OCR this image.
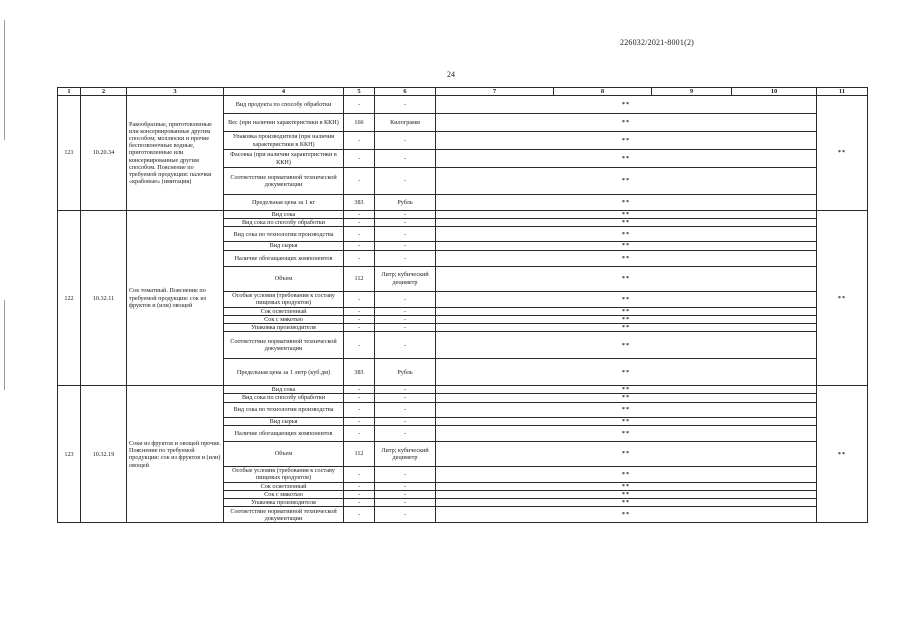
226032/2021-8001(2)
24
1	2	3	4	5	6	7	8	9	10	11
121	10.20.34	Ракообразные, приготовленные или консервированные другим способом; моллюски и прочие беспозвоночные водные, приготовленные или консервированные другим способом. Пояснение по требуемой продукции: палочки «крабовые» (имитация)	Вид продукта по способу обработки	-	-	**				**
			Вес (при наличии характеристики в ККН)	166	Килограмм	**				
			Упаковка производителя (при наличии характеристики в ККН)	-	-	**				
			Фасовка (при наличии характеристики в ККН)	-	-	**				
			Соответствие нормативной технической документации	-	-	**				
			Предельная цена за 1 кг	383	Рубль	**				
122	10.32.11	Сок томатный. Пояснение по требуемой продукции: сок из фруктов и (или) овощей	Вид сока	-	-	**				**
			Вид сока по способу обработки	-	-	**				
			Вид сока по технологии производства	-	-	**				
			Вид сырья	-	-	**				
			Наличие обогащающих компонентов	-	-	**				
			Объем	112	Литр; кубический дециметр	**				
			Особые условия (требования к составу пищевых продуктов)	-	-	**				
			Сок осветленный	-	-	**				
			Сок с мякотью	-	-	**				
			Упаковка производителя	-	-	**				
			Соответствие нормативной технической документации	-	-	**				
			Предельная цена за 1 литр (куб.дм)	383	Рубль	**				
123	10.32.19	Соки из фруктов и овощей прочие. Пояснение по требуемой продукции: сок из фруктов и (или) овощей	Вид сока	-	-	**				**
			Вид сока по способу обработки	-	-	**				
			Вид сока по технологии производства	-	-	**				
			Вид сырья	-	-	**				
			Наличие обогащающих компонентов	-	-	**				
			Объем	112	Литр; кубический дециметр	**				
			Особые условия (требования к составу пищевых продуктов)	-	-	**				
			Сок осветленный	-	-	**				
			Сок с мякотью	-	-	**				
			Упаковка производителя	-	-	**				
			Соответствие нормативной технической документации	-	-	**				
